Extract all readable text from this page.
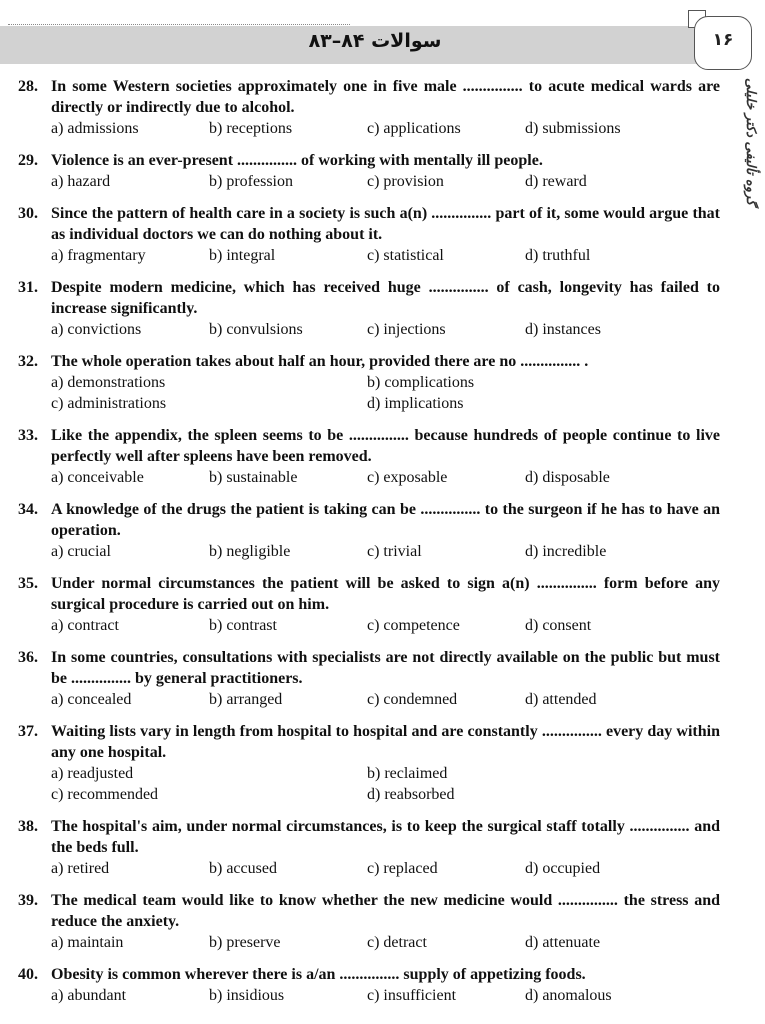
سوالات ۸۴–۸۳	۱۶
گروه تألیفی دکتر خلیلی
28. In some Western societies approximately one in five male ............... to acute medical wards are directly or indirectly due to alcohol.
a) admissions	b) receptions	c) applications	d) submissions
29. Violence is an ever-present ............... of working with mentally ill people.
a) hazard	b) profession	c) provision	d) reward
30. Since the pattern of health care in a society is such a(n) ............... part of it, some would argue that as individual doctors we can do nothing about it.
a) fragmentary	b) integral	c) statistical	d) truthful
31. Despite modern medicine, which has received huge ............... of cash, longevity has failed to increase significantly.
a) convictions	b) convulsions	c) injections	d) instances
32. The whole operation takes about half an hour, provided there are no ............... .
a) demonstrations	b) complications
c) administrations	d) implications
33. Like the appendix, the spleen seems to be ............... because hundreds of people continue to live perfectly well after spleens have been removed.
a) conceivable	b) sustainable	c) exposable	d) disposable
34. A knowledge of the drugs the patient is taking can be ............... to the surgeon if he has to have an operation.
a) crucial	b) negligible	c) trivial	d) incredible
35. Under normal circumstances the patient will be asked to sign a(n) ............... form before any surgical procedure is carried out on him.
a) contract	b) contrast	c) competence	d) consent
36. In some countries, consultations with specialists are not directly available on the public but must be ............... by general practitioners.
a) concealed	b) arranged	c) condemned	d) attended
37. Waiting lists vary in length from hospital to hospital and are constantly ............... every day within any one hospital.
a) readjusted	b) reclaimed
c) recommended	d) reabsorbed
38. The hospital's aim, under normal circumstances, is to keep the surgical staff totally ............... and the beds full.
a) retired	b) accused	c) replaced	d) occupied
39. The medical team would like to know whether the new medicine would ............... the stress and reduce the anxiety.
a) maintain	b) preserve	c) detract	d) attenuate
40. Obesity is common wherever there is a/an ............... supply of appetizing foods.
a) abundant	b) insidious	c) insufficient	d) anomalous
